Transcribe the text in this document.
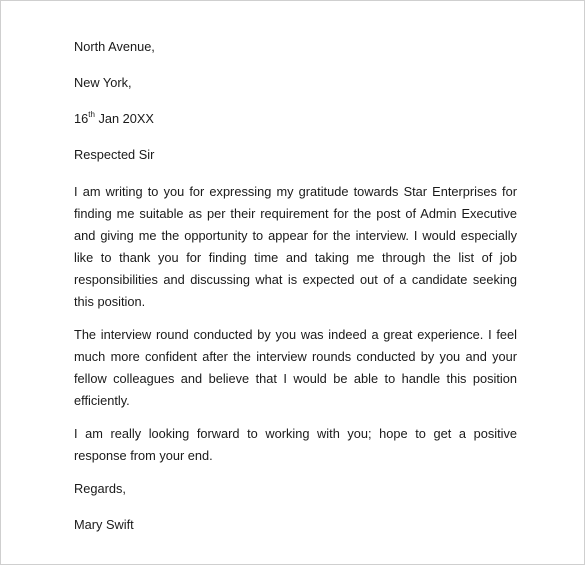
North Avenue,
New York,
16th Jan 20XX
Respected Sir

I am writing to you for expressing my gratitude towards Star Enterprises for finding me suitable as per their requirement for the post of Admin Executive and giving me the opportunity to appear for the interview. I would especially like to thank you for finding time and taking me through the list of job responsibilities and discussing what is expected out of a candidate seeking this position.

The interview round conducted by you was indeed a great experience. I feel much more confident after the interview rounds conducted by you and your fellow colleagues and believe that I would be able to handle this position efficiently.

I am really looking forward to working with you; hope to get a positive response from your end.

Regards,
Mary Swift
